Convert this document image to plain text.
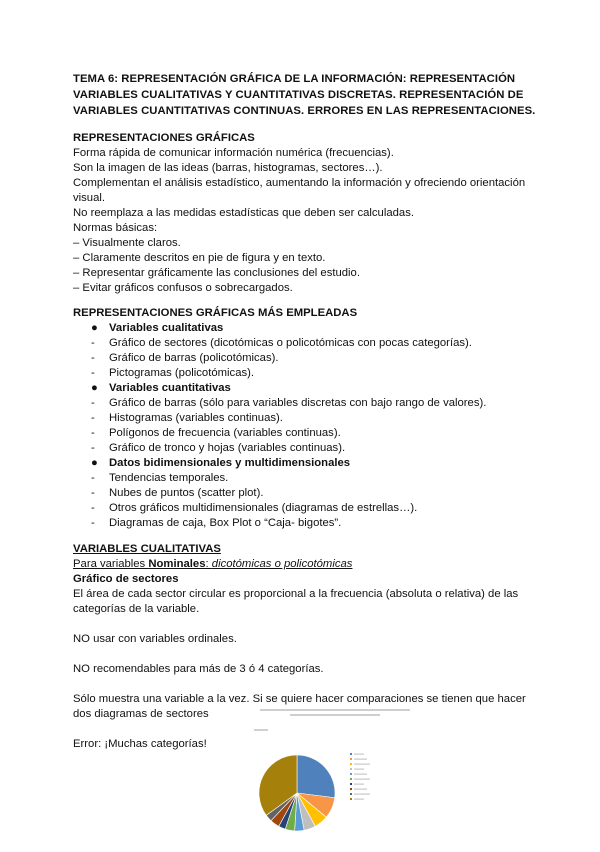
TEMA 6: REPRESENTACIÓN GRÁFICA DE LA INFORMACIÓN: REPRESENTACIÓN VARIABLES CUALITATIVAS Y CUANTITATIVAS DISCRETAS. REPRESENTACIÓN DE VARIABLES CUANTITATIVAS CONTINUAS. ERRORES EN LAS REPRESENTACIONES.
REPRESENTACIONES GRÁFICAS
Forma rápida de comunicar información numérica (frecuencias).
Son la imagen de las ideas (barras, histogramas, sectores…).
Complementan el análisis estadístico, aumentando la información y ofreciendo orientación
visual.
No reemplaza a las medidas estadísticas que deben ser calculadas.
Normas básicas:
– Visualmente claros.
– Claramente descritos en pie de figura y en texto.
– Representar gráficamente las conclusiones del estudio.
– Evitar gráficos confusos o sobrecargados.
REPRESENTACIONES GRÁFICAS MÁS EMPLEADAS
● Variables cualitativas
- Gráfico de sectores (dicotómicas o policotómicas con pocas categorías).
- Gráfico de barras (policotómicas).
- Pictogramas (policotómicas).
● Variables cuantitativas
- Gráfico de barras (sólo para variables discretas con bajo rango de valores).
- Histogramas (variables continuas).
- Polígonos de frecuencia (variables continuas).
- Gráfico de tronco y hojas (variables continuas).
● Datos bidimensionales y multidimensionales
- Tendencias temporales.
- Nubes de puntos (scatter plot).
- Otros gráficos multidimensionales (diagramas de estrellas…).
- Diagramas de caja, Box Plot o “Caja- bigotes”.
VARIABLES CUALITATIVAS
Para variables Nominales: dicotómicas o policotómicas
Gráfico de sectores
El área de cada sector circular es proporcional a la frecuencia (absoluta o relativa) de las
categorías de la variable.
NO usar con variables ordinales.
NO recomendables para más de 3 ó 4 categorías.
Sólo muestra una variable a la vez. Si se quiere hacer comparaciones se tienen que hacer
dos diagramas de sectores
Error: ¡Muchas categorías!
